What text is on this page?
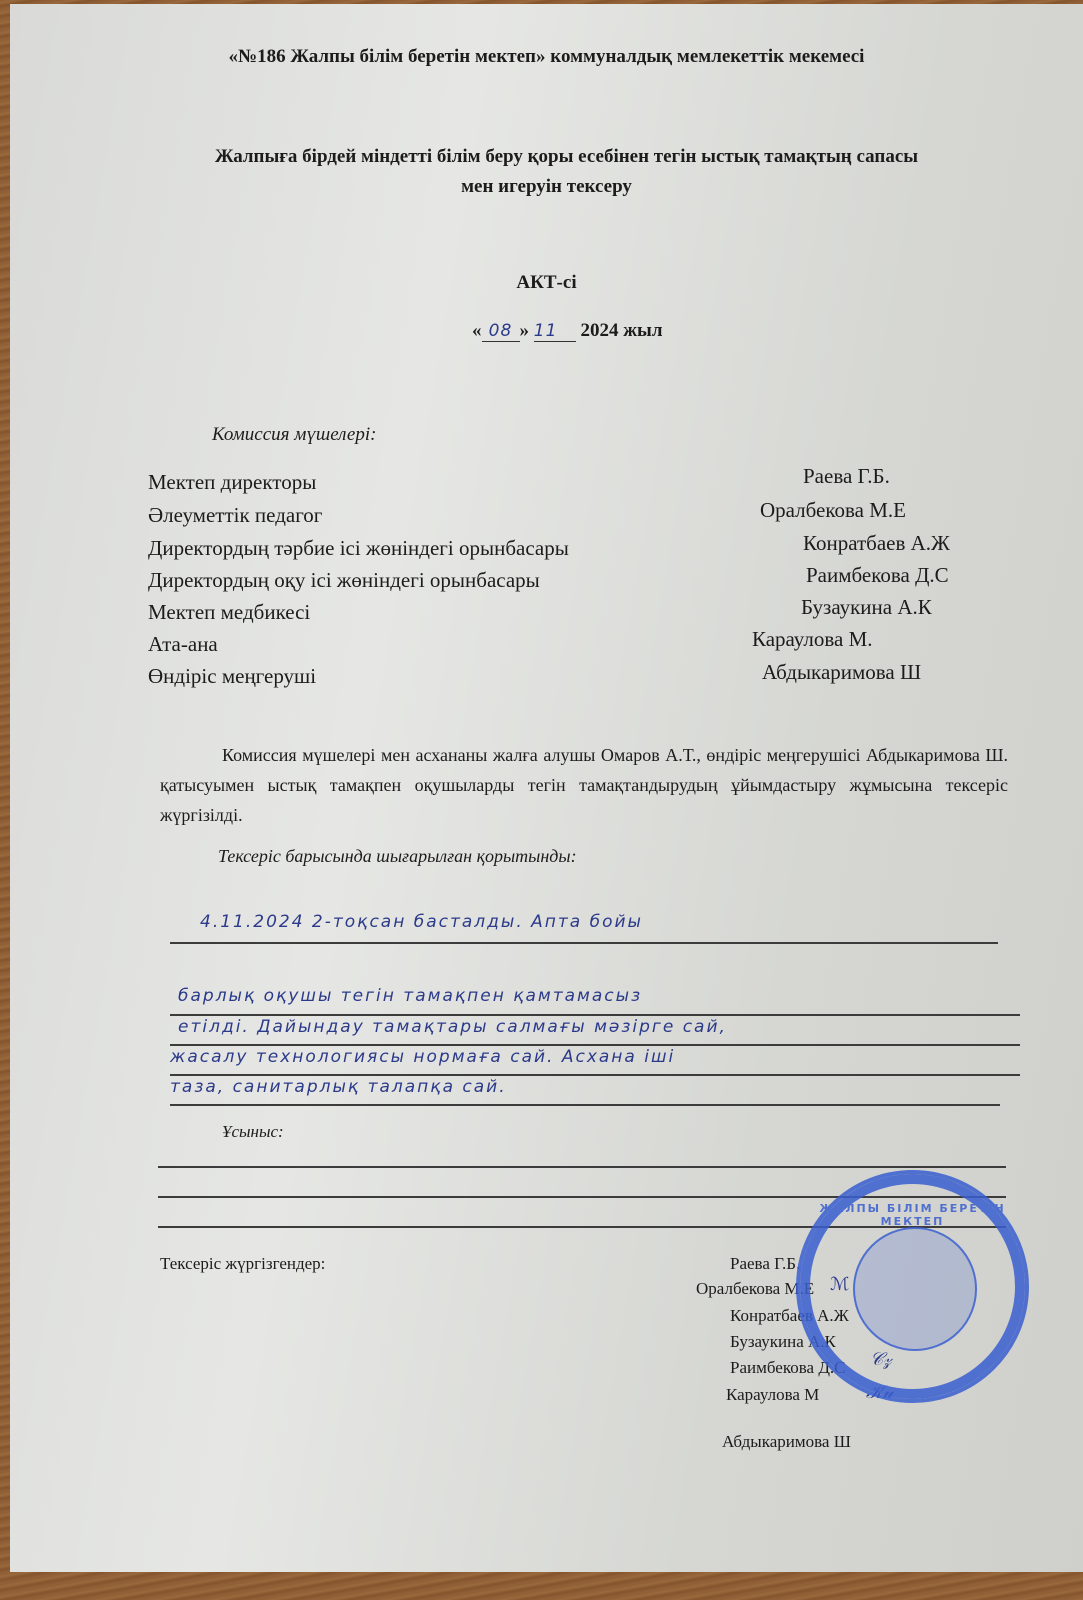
«№186 Жалпы білім беретін мектеп» коммуналдық мемлекеттік мекемесі
Жалпыға бірдей міндетті білім беру қоры есебінен тегін ыстық тамақтың сапасы
мен игеруін тексеру
АКТ-сі
« 08 » 11 2024 жыл
Комиссия мүшелері:
Мектеп директоры	Раева Г.Б.
Әлеуметтік педагог	Оралбекова М.Е
Директордың тәрбие ісі жөніндегі орынбасары	Конратбаев А.Ж
Директордың оқу ісі жөніндегі орынбасары	Раимбекова Д.С
Мектеп медбикесі	Бузаукина А.К
Ата-ана	Караулова М.
Өндіріс меңгеруші	Абдыкаримова Ш
Комиссия мүшелері мен асхананы жалға алушы Омаров А.Т., өндіріс меңгерушісі Абдыкаримова Ш. қатысуымен ыстық тамақпен оқушыларды тегін тамақтандырудың ұйымдастыру жұмысына тексеріс жүргізілді.
Тексеріс барысында шығарылған қорытынды:
4.11.2024 2-тоқсан басталды. Апта бойы
барлық оқушы тегін тамақпен қамтамасыз
етілді. Дайындау тамақтары салмағы мәзірге сай,
жасалу технологиясы нормаға сай. Асхана іші
таза, санитарлық талапқа сай.
Ұсыныс:
Тексеріс жүргізгендер:	Раева Г.Б.
Оралбекова М.Е
Конратбаев А.Ж
Бузаукина А.К
Раимбекова Д.С
Караулова М
Абдыкаримова Ш
ℳ
𝒞𝓏
𝒦𝓊
ЖАЛПЫ БІЛІМ БЕРЕТІН МЕКТЕП
